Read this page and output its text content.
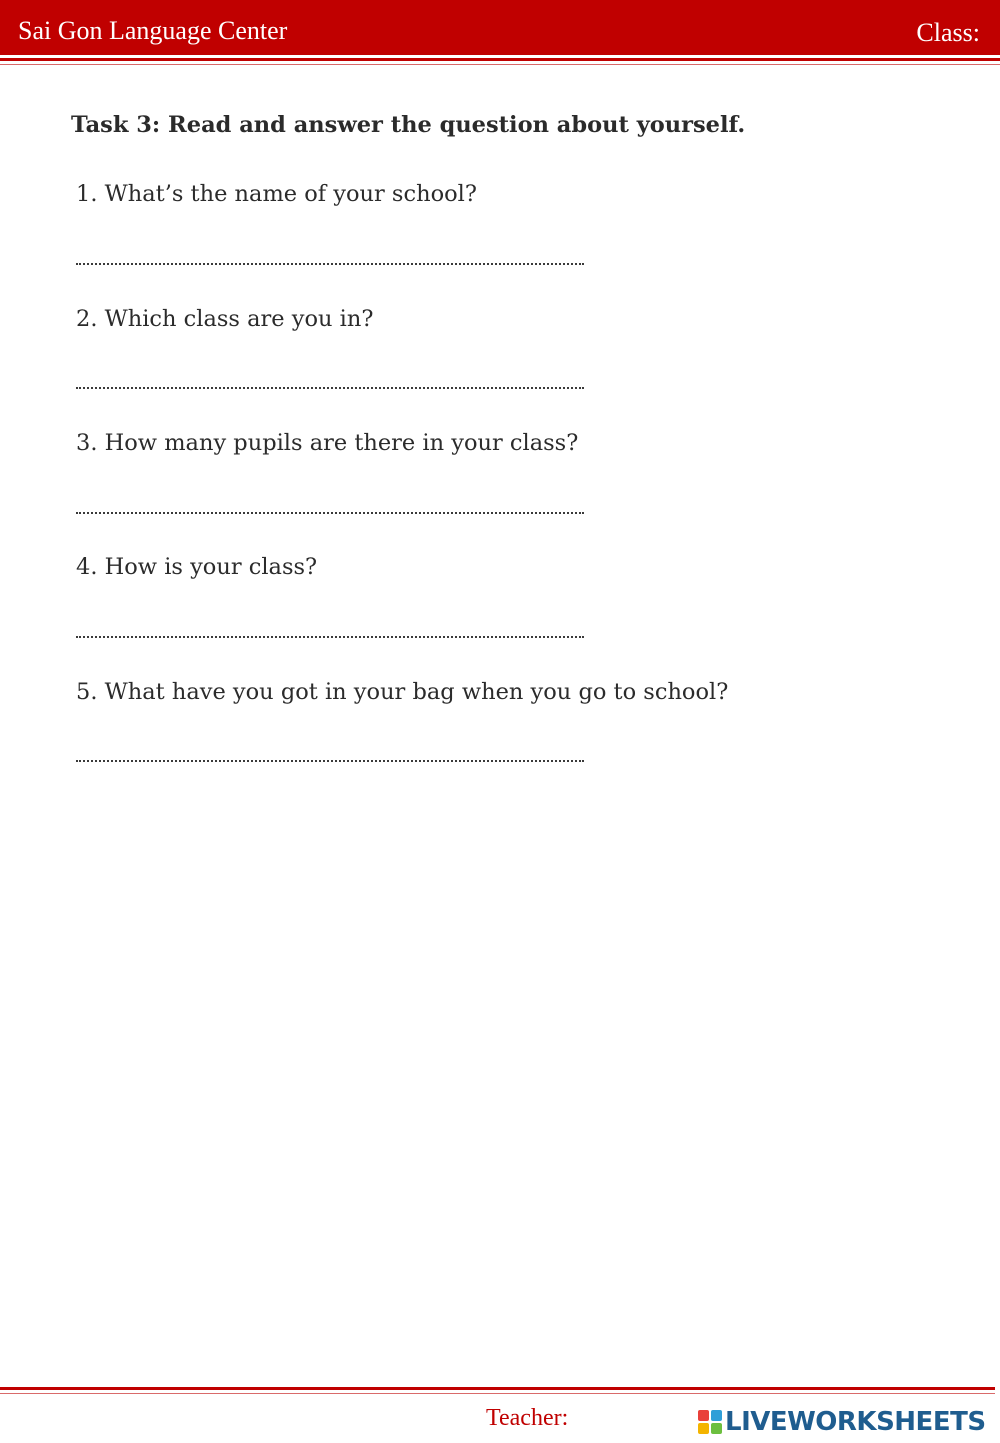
Sai Gon Language Center	Class:
Task 3: Read and answer the question about yourself.
1. What’s the name of your school?
2. Which class are you in?
3. How many pupils are there in your class?
4. How is your class?
5. What have you got in your bag when you go to school?
Teacher:	LIVEWORKSHEETS
